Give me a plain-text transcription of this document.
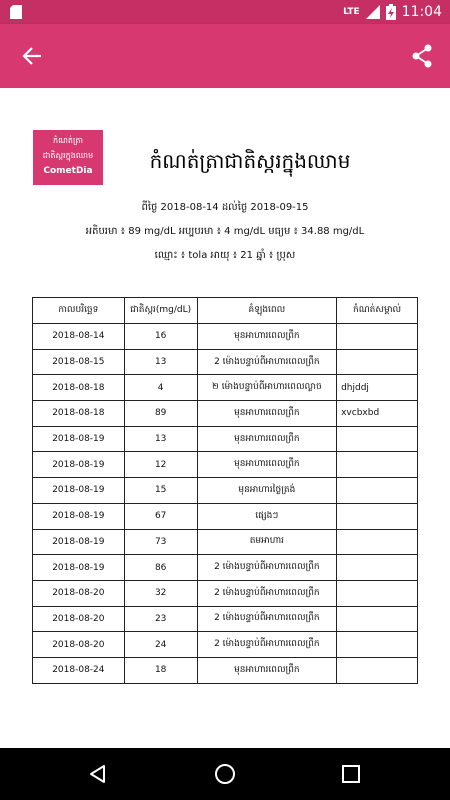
LTE	11:04
កំណត់ត្រា
ជាតិស្ករក្នុងឈាម
CometDia	កំណត់ត្រាជាតិស្ករក្នុងឈាម
ពីថ្ងៃ 2018-08-14 ដល់ថ្ងៃ 2018-09-15
អតិបរមា ៖ 89 mg/dL អប្បបរមា ៖ 4 mg/dL មធ្យម ៖ 34.88 mg/dL
ឈ្មោះ ៖ tola អាយុ ៖ 21 ឆ្នាំ ៖ ប្រុស
កាលបរិច្ឆេទ	ជាតិស្ករ(mg/dL)	គំឡុងពេល	កំណត់សម្គាល់
2018-08-14	16	មុនអាហារពេលព្រឹក	
2018-08-15	13	2 ម៉ោងបន្ទាប់ពីអាហារពេលព្រឹក	
2018-08-18	4	២ ម៉ោងបន្ទាប់ពីអាហារពេលល្ងាច	dhjddj
2018-08-18	89	មុនអាហារពេលព្រឹក	xvcbxbd
2018-08-19	13	មុនអាហារពេលព្រឹក	
2018-08-19	12	មុនអាហារពេលព្រឹក	
2018-08-19	15	មុនអាហារថ្ងៃត្រង់	
2018-08-19	67	ផ្សេងៗ	
2018-08-19	73	តមអាហារ	
2018-08-19	86	2 ម៉ោងបន្ទាប់ពីអាហារពេលព្រឹក	
2018-08-20	32	2 ម៉ោងបន្ទាប់ពីអាហារពេលព្រឹក	
2018-08-20	23	2 ម៉ោងបន្ទាប់ពីអាហារពេលព្រឹក	
2018-08-20	24	2 ម៉ោងបន្ទាប់ពីអាហារពេលព្រឹក	
2018-08-24	18	មុនអាហារពេលព្រឹក	
